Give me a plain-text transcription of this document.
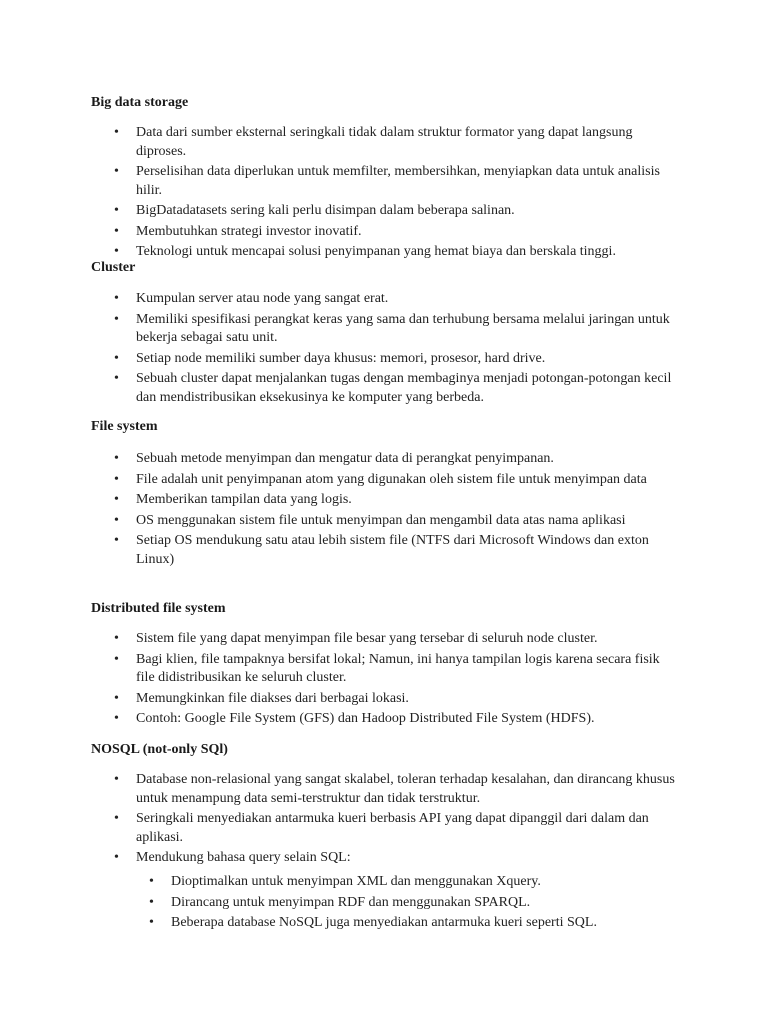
Big data storage
• Data dari sumber eksternal seringkali tidak dalam struktur formator yang dapat langsung diproses.
• Perselisihan data diperlukan untuk memfilter, membersihkan, menyiapkan data untuk analisis hilir.
• BigDatadatasets sering kali perlu disimpan dalam beberapa salinan.
• Membutuhkan strategi investor inovatif.
• Teknologi untuk mencapai solusi penyimpanan yang hemat biaya dan berskala tinggi.
Cluster
• Kumpulan server atau node yang sangat erat.
• Memiliki spesifikasi perangkat keras yang sama dan terhubung bersama melalui jaringan untuk bekerja sebagai satu unit.
• Setiap node memiliki sumber daya khusus: memori, prosesor, hard drive.
• Sebuah cluster dapat menjalankan tugas dengan membaginya menjadi potongan-potongan kecil dan mendistribusikan eksekusinya ke komputer yang berbeda.
File system
• Sebuah metode menyimpan dan mengatur data di perangkat penyimpanan.
• File adalah unit penyimpanan atom yang digunakan oleh sistem file untuk menyimpan data
• Memberikan tampilan data yang logis.
• OS menggunakan sistem file untuk menyimpan dan mengambil data atas nama aplikasi
• Setiap OS mendukung satu atau lebih sistem file (NTFS dari Microsoft Windows dan exton Linux)
Distributed file system
• Sistem file yang dapat menyimpan file besar yang tersebar di seluruh node cluster.
• Bagi klien, file tampaknya bersifat lokal; Namun, ini hanya tampilan logis karena secara fisik file didistribusikan ke seluruh cluster.
• Memungkinkan file diakses dari berbagai lokasi.
• Contoh: Google File System (GFS) dan Hadoop Distributed File System (HDFS).
NOSQL (not-only SQl)
• Database non-relasional yang sangat skalabel, toleran terhadap kesalahan, dan dirancang khusus untuk menampung data semi-terstruktur dan tidak terstruktur.
• Seringkali menyediakan antarmuka kueri berbasis API yang dapat dipanggil dari dalam dan aplikasi.
• Mendukung bahasa query selain SQL:
• Dioptimalkan untuk menyimpan XML dan menggunakan Xquery.
• Dirancang untuk menyimpan RDF dan menggunakan SPARQL.
• Beberapa database NoSQL juga menyediakan antarmuka kueri seperti SQL.
